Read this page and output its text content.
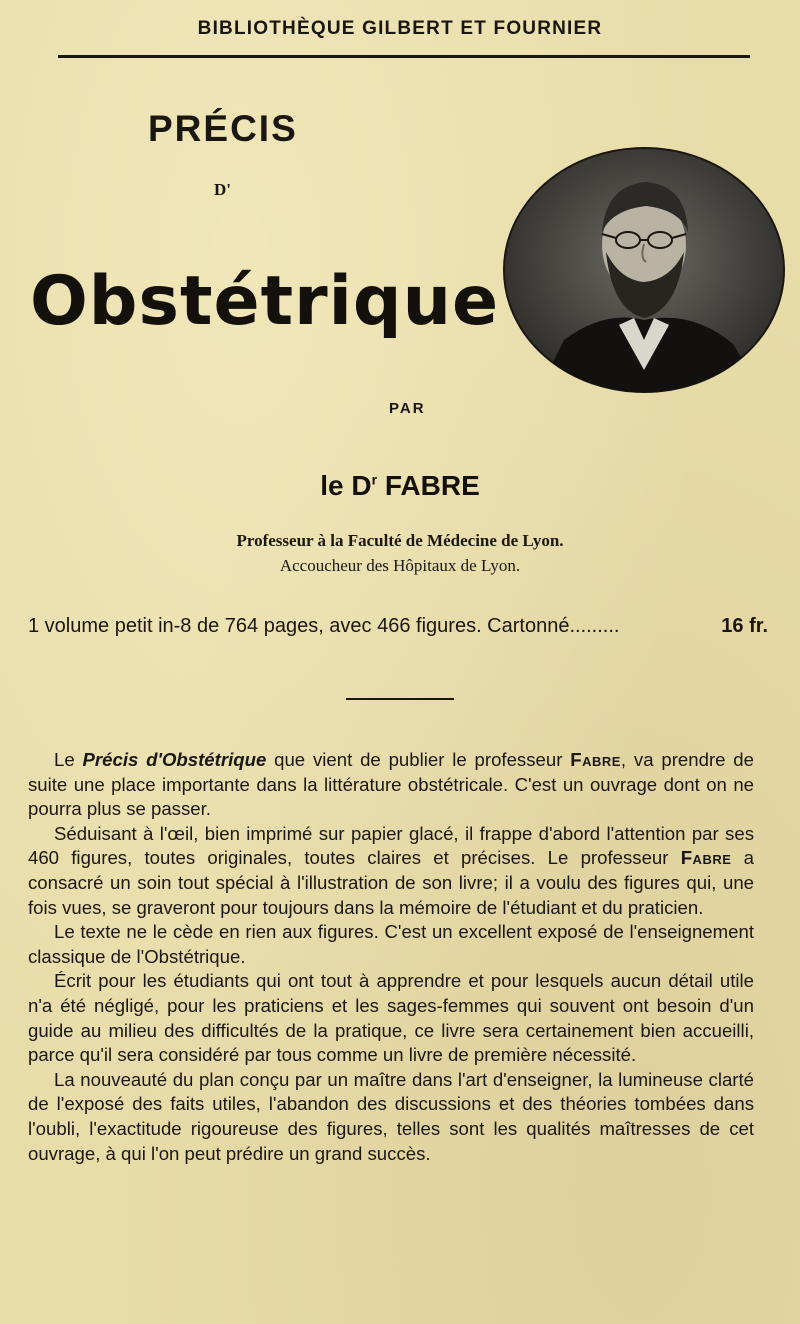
BIBLIOTHÈQUE GILBERT ET FOURNIER
PRÉCIS
D'
Obstétrique
PAR
le $D^r$ FABRE
Professeur à la Faculté de Médecine de Lyon.
Accoucheur des Hôpitaux de Lyon.
1 volume petit in-8 de 764 pages, avec 466 figures. Cartonné.........	16 fr.

Le Précis d'Obstétrique que vient de publier le professeur Fabre, va prendre de suite une place importante dans la littérature obstétricale. C'est un ouvrage dont on ne pourra plus se passer.

Séduisant à l'œil, bien imprimé sur papier glacé, il frappe d'abord l'attention par ses 460 figures, toutes originales, toutes claires et précises. Le professeur Fabre a consacré un soin tout spécial à l'illustration de son livre; il a voulu des figures qui, une fois vues, se graveront pour toujours dans la mémoire de l'étudiant et du praticien.

Le texte ne le cède en rien aux figures. C'est un excellent exposé de l'enseignement classique de l'Obstétrique.

Écrit pour les étudiants qui ont tout à apprendre et pour lesquels aucun détail utile n'a été négligé, pour les praticiens et les sages-femmes qui souvent ont besoin d'un guide au milieu des difficultés de la pratique, ce livre sera certainement bien accueilli, parce qu'il sera considéré par tous comme un livre de première nécessité.

La nouveauté du plan conçu par un maître dans l'art d'enseigner, la lumineuse clarté de l'exposé des faits utiles, l'abandon des discussions et des théories tombées dans l'oubli, l'exactitude rigoureuse des figures, telles sont les qualités maîtresses de cet ouvrage, à qui l'on peut prédire un grand succès.
